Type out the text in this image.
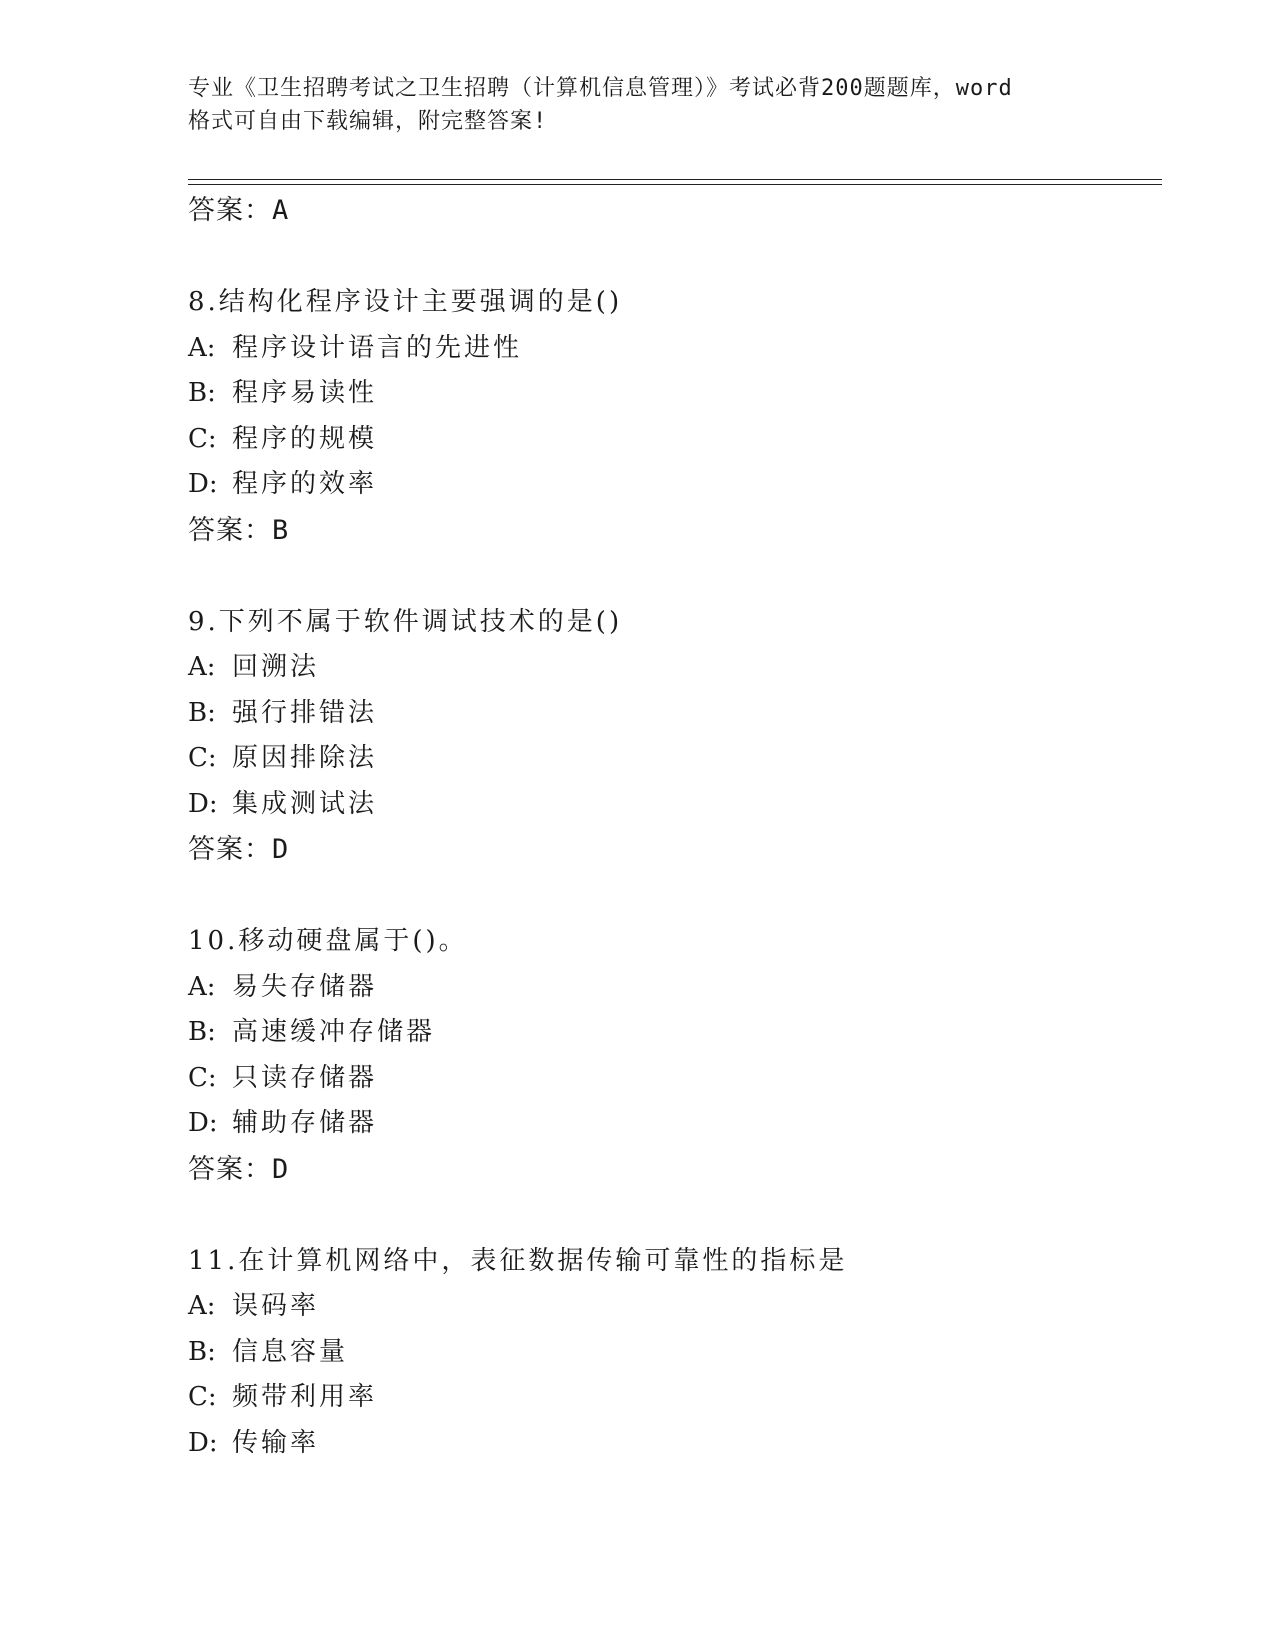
专业《卫生招聘考试之卫生招聘（计算机信息管理）》考试必背200题题库，word
格式可自由下载编辑，附完整答案!
答案：A
8.结构化程序设计主要强调的是()
A: 程序设计语言的先进性
B: 程序易读性
C: 程序的规模
D: 程序的效率
答案：B
9.下列不属于软件调试技术的是()
A: 回溯法
B: 强行排错法
C: 原因排除法
D: 集成测试法
答案：D
10.移动硬盘属于()。
A: 易失存储器
B: 高速缓冲存储器
C: 只读存储器
D: 辅助存储器
答案：D
11.在计算机网络中，表征数据传输可靠性的指标是
A: 误码率
B: 信息容量
C: 频带利用率
D: 传输率
